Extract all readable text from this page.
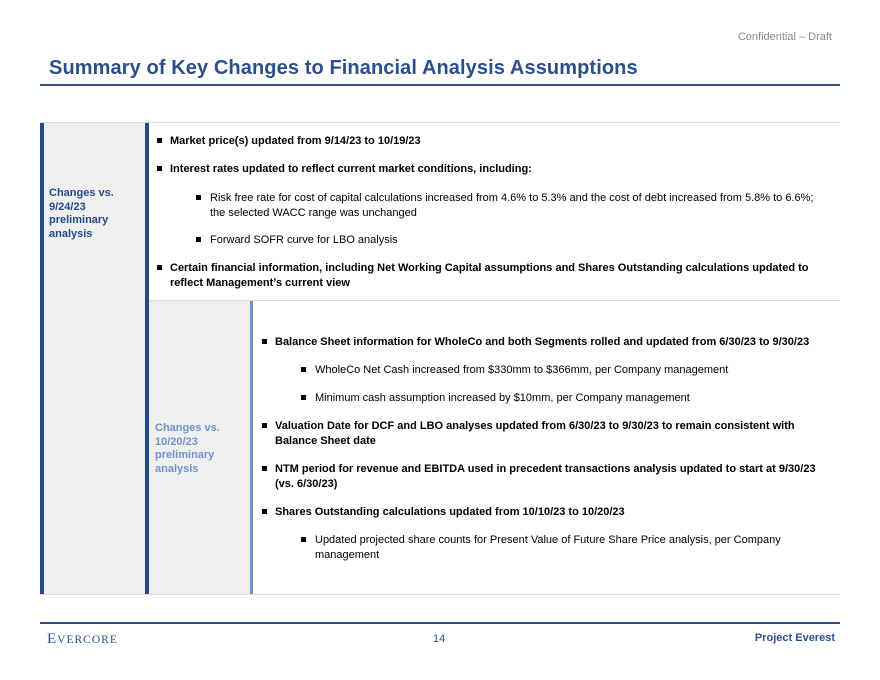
Confidential – Draft
Summary of Key Changes to Financial Analysis Assumptions
Changes vs.
9/24/23
preliminary
analysis
Market price(s) updated from 9/14/23 to 10/19/23
Interest rates updated to reflect current market conditions, including:
Risk free rate for cost of capital calculations increased from 4.6% to 5.3% and the cost of debt increased from 5.8% to 6.6%; the selected WACC range was unchanged
Forward SOFR curve for LBO analysis
Certain financial information, including Net Working Capital assumptions and Shares Outstanding calculations updated to reflect Management’s current view
Changes vs.
10/20/23
preliminary
analysis
Balance Sheet information for WholeCo and both Segments rolled and updated from 6/30/23 to 9/30/23
WholeCo Net Cash increased from $330mm to $366mm, per Company management
Minimum cash assumption increased by $10mm, per Company management
Valuation Date for DCF and LBO analyses updated from 6/30/23 to 9/30/23 to remain consistent with Balance Sheet date
NTM period for revenue and EBITDA used in precedent transactions analysis updated to start at 9/30/23 (vs. 6/30/23)
Shares Outstanding calculations updated from 10/10/23 to 10/20/23
Updated projected share counts for Present Value of Future Share Price analysis, per Company management
EVERCORE	14	Project Everest
